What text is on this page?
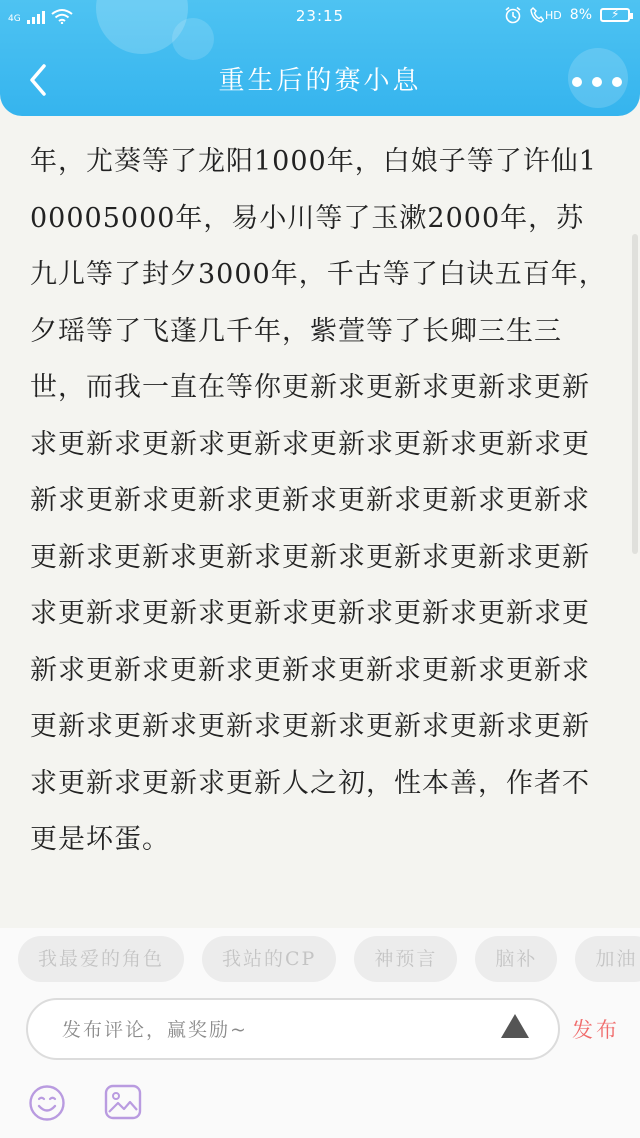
4G	23:15	HD 8% ⚡
重生后的赛小息

年，尤葵等了龙阳1000年，白娘子等了许仙100005000年，易小川等了玉漱2000年，苏九儿等了封夕3000年，千古等了白诀五百年，夕瑶等了飞蓬几千年，紫萱等了长卿三生三世，而我一直在等你更新求更新求更新求更新求更新求更新求更新求更新求更新求更新求更新求更新求更新求更新求更新求更新求更新求更新求更新求更新求更新求更新求更新求更新求更新求更新求更新求更新求更新求更新求更新求更新求更新求更新求更新求更新求更新求更新求更新求更新求更新求更新求更新求更新求更新求更新求更新人之初，性本善，作者不更是坏蛋。

我最爱的角色	我站的CP	神预言	脑补	加油
发布评论，赢奖励~
发布
